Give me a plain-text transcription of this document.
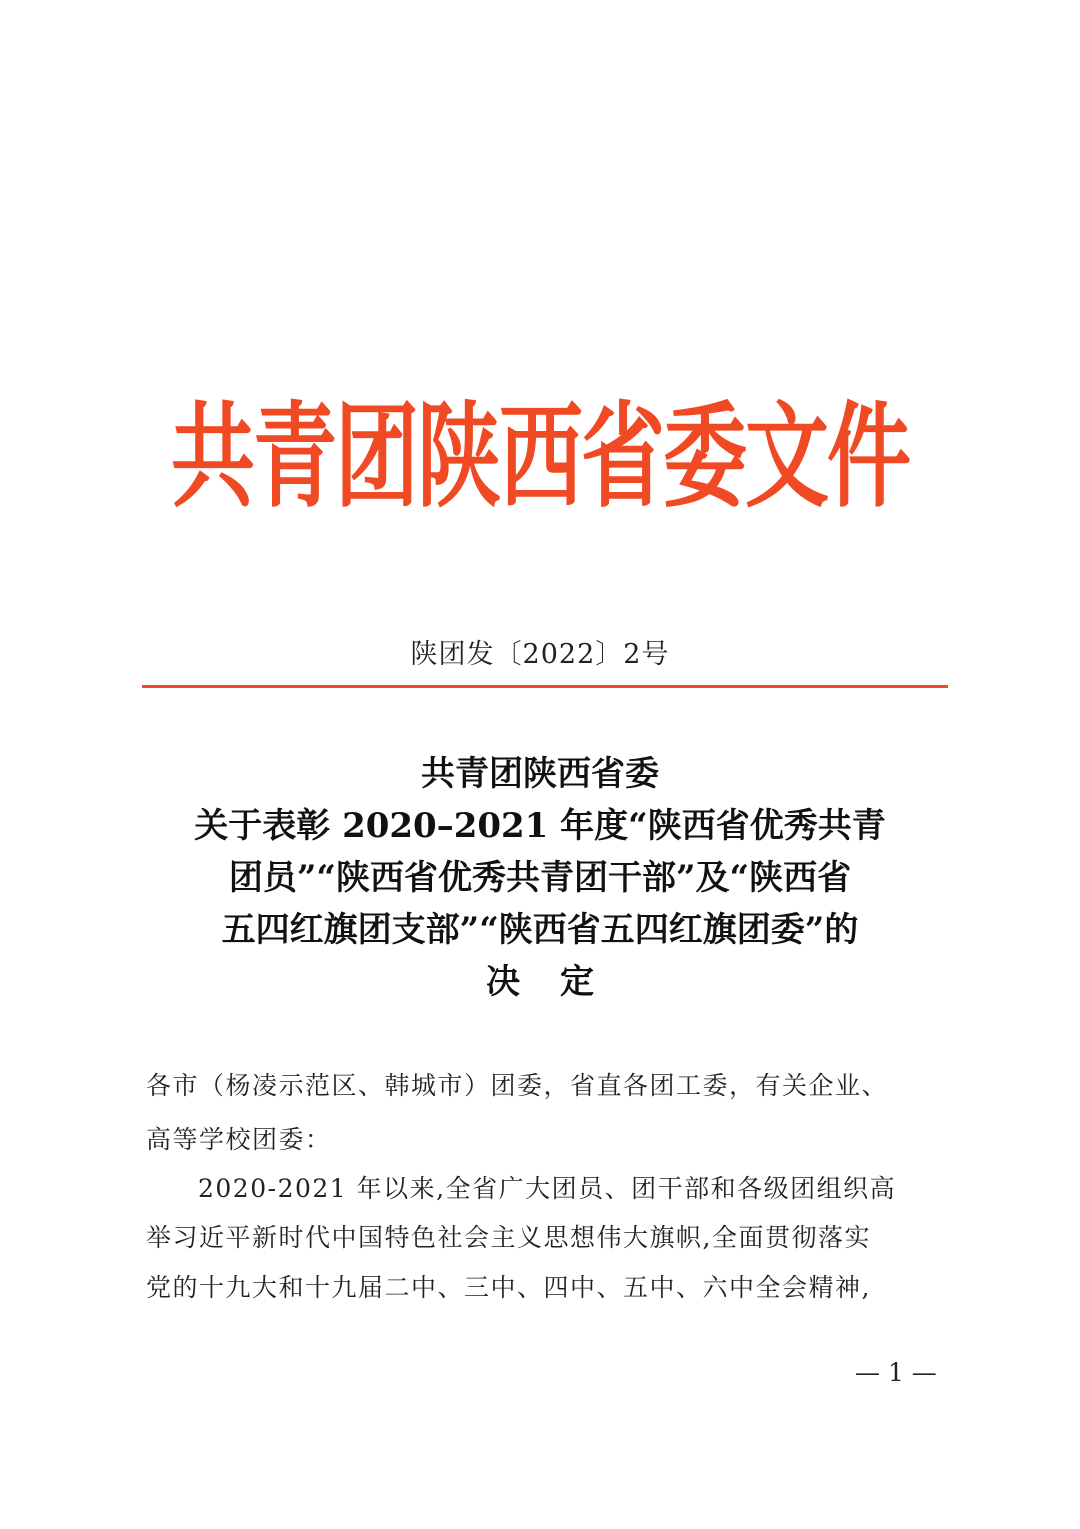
共青团陕西省委文件
陕团发〔2022〕2号
共青团陕西省委
关于表彰 2020–2021 年度“陕西省优秀共青
团员”“陕西省优秀共青团干部”及“陕西省
五四红旗团支部”“陕西省五四红旗团委”的
决定
各市（杨凌示范区、韩城市）团委，省直各团工委，有关企业、
高等学校团委：
2020-2021 年以来,全省广大团员、团干部和各级团组织高
举习近平新时代中国特色社会主义思想伟大旗帜,全面贯彻落实
党的十九大和十九届二中、三中、四中、五中、六中全会精神,
— 1 —
